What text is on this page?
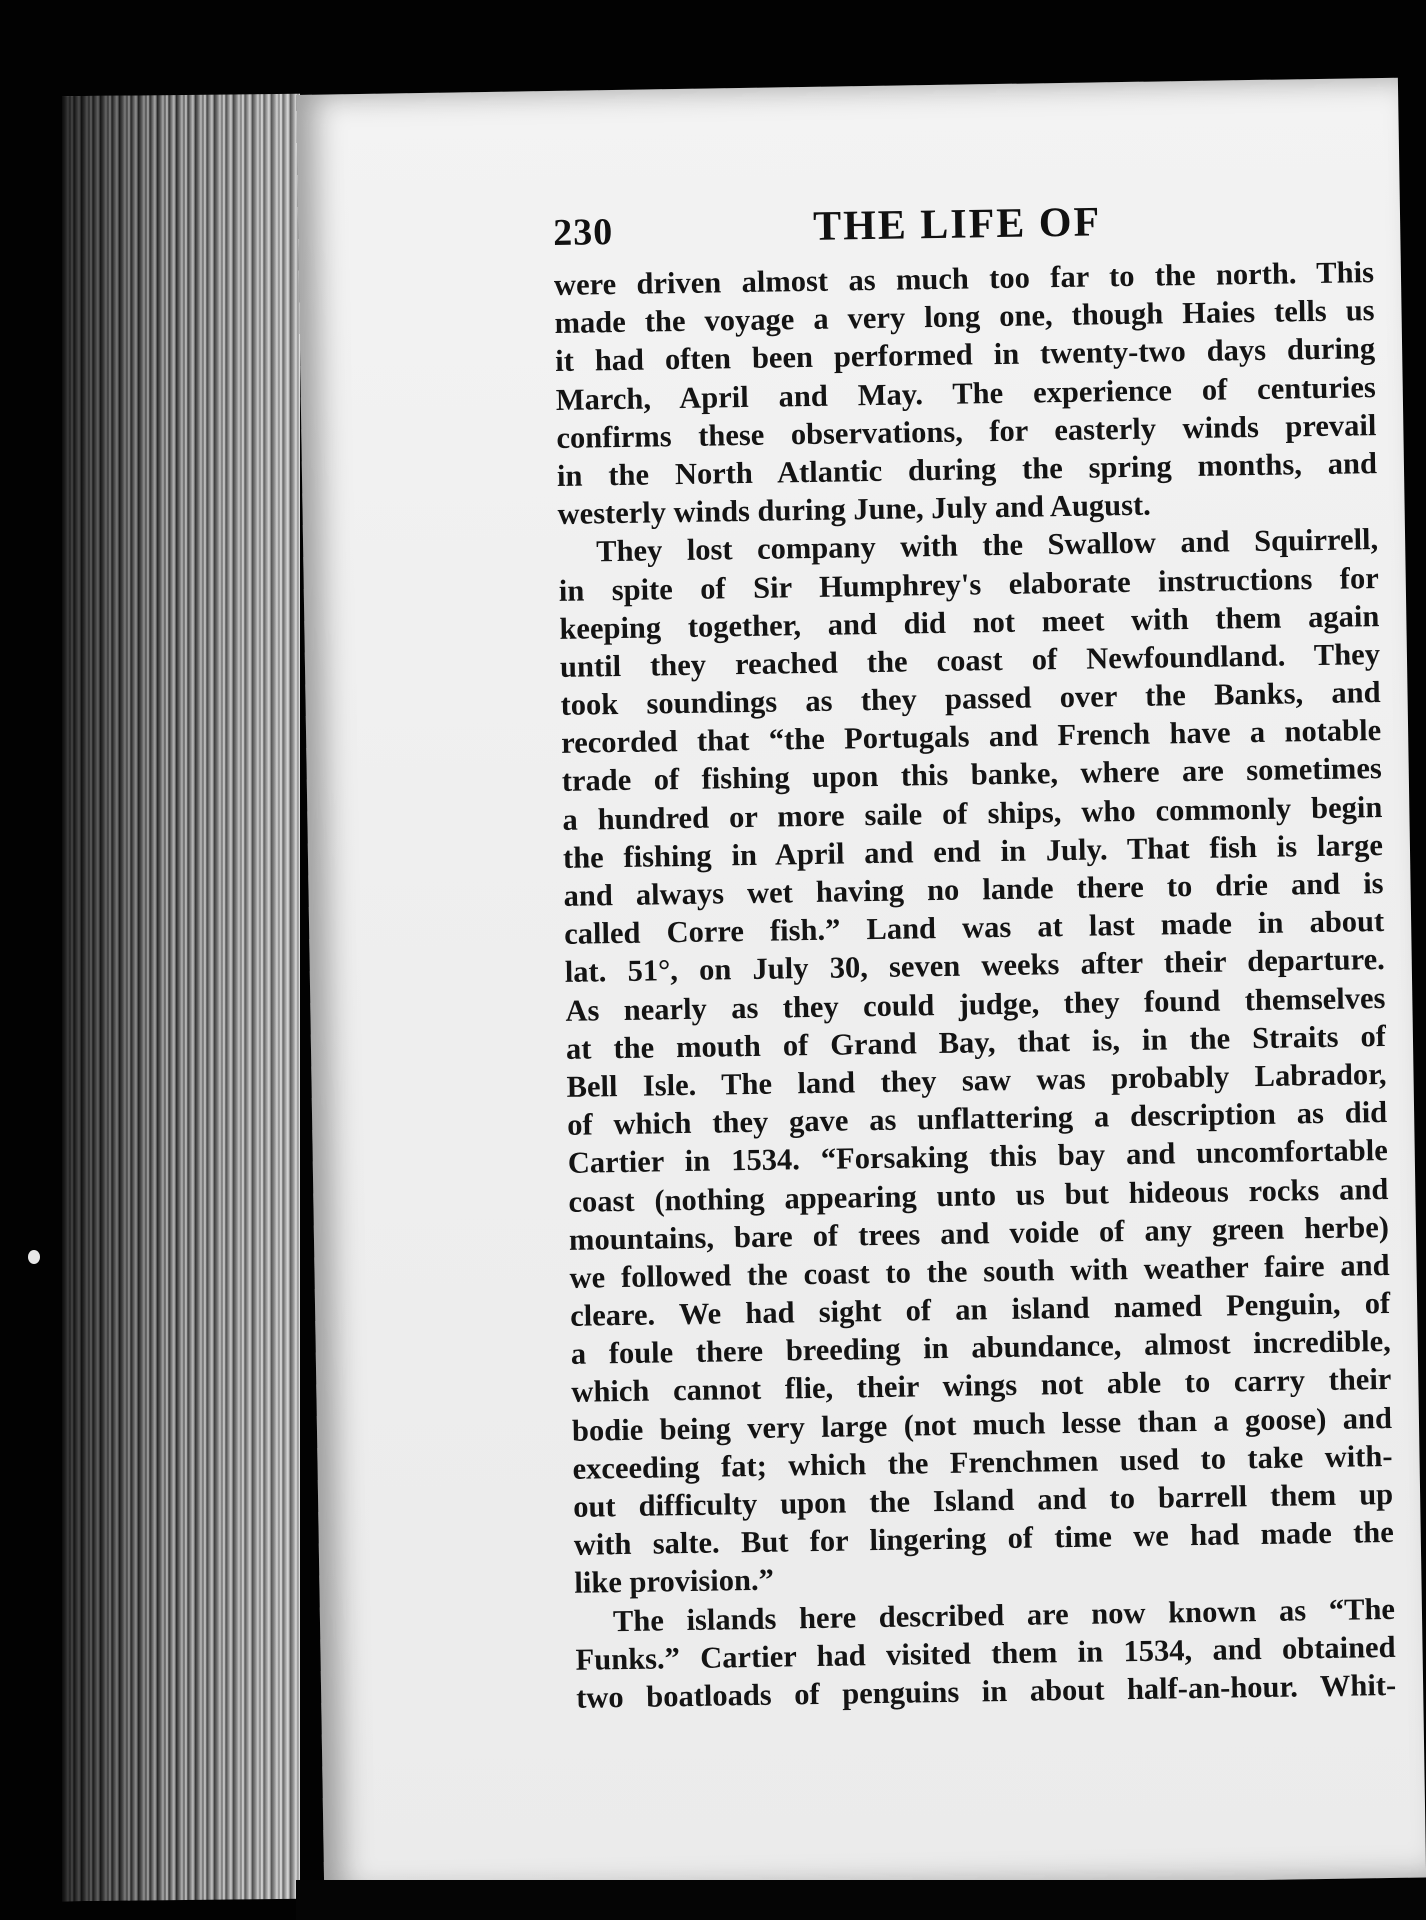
230	THE LIFE OF
were driven almost as much too far to the north. This
made the voyage a very long one, though Haies tells us
it had often been performed in twenty-two days during
March, April and May. The experience of centuries
confirms these observations, for easterly winds prevail
in the North Atlantic during the spring months, and
westerly winds during June, July and August.
They lost company with the Swallow and Squirrell,
in spite of Sir Humphrey's elaborate instructions for
keeping together, and did not meet with them again
until they reached the coast of Newfoundland. They
took soundings as they passed over the Banks, and
recorded that “the Portugals and French have a notable
trade of fishing upon this banke, where are sometimes
a hundred or more saile of ships, who commonly begin
the fishing in April and end in July. That fish is large
and always wet having no lande there to drie and is
called Corre fish.” Land was at last made in about
lat. 51°, on July 30, seven weeks after their departure.
As nearly as they could judge, they found themselves
at the mouth of Grand Bay, that is, in the Straits of
Bell Isle. The land they saw was probably Labrador,
of which they gave as unflattering a description as did
Cartier in 1534. “Forsaking this bay and uncomfortable
coast (nothing appearing unto us but hideous rocks and
mountains, bare of trees and voide of any green herbe)
we followed the coast to the south with weather faire and
cleare. We had sight of an island named Penguin, of
a foule there breeding in abundance, almost incredible,
which cannot flie, their wings not able to carry their
bodie being very large (not much lesse than a goose) and
exceeding fat; which the Frenchmen used to take with-
out difficulty upon the Island and to barrell them up
with salte. But for lingering of time we had made the
like provision.”
The islands here described are now known as “The
Funks.” Cartier had visited them in 1534, and obtained
two boatloads of penguins in about half-an-hour. Whit-
